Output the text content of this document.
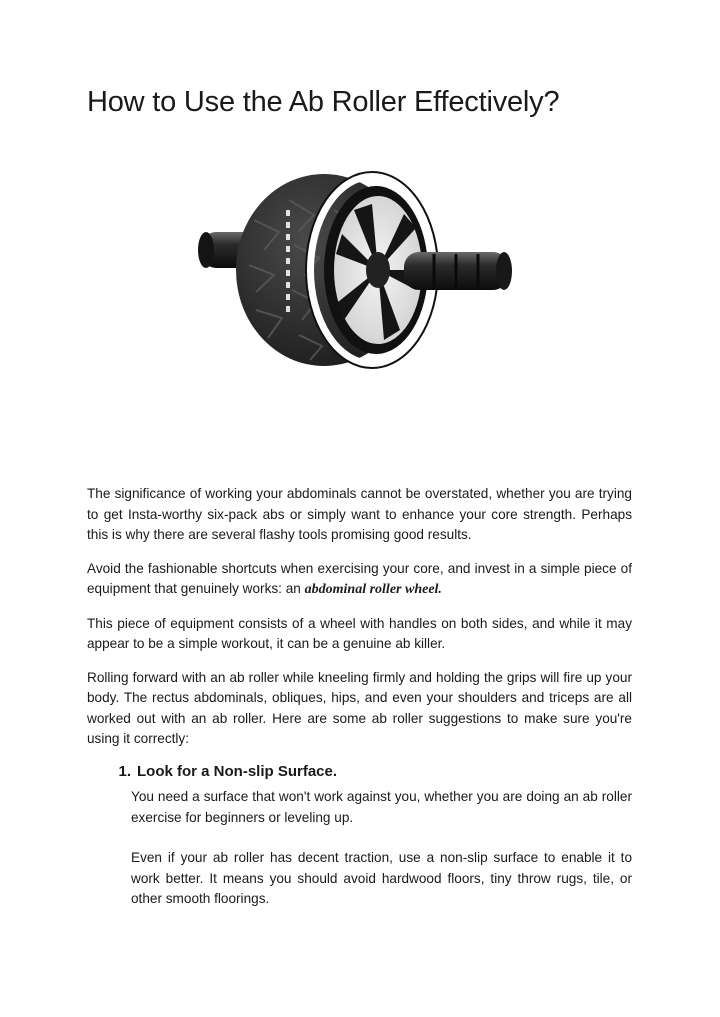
How to Use the Ab Roller Effectively?

The significance of working your abdominals cannot be overstated, whether you are trying to get Insta-worthy six-pack abs or simply want to enhance your core strength. Perhaps this is why there are several flashy tools promising good results.

Avoid the fashionable shortcuts when exercising your core, and invest in a simple piece of equipment that genuinely works: an abdominal roller wheel.

This piece of equipment consists of a wheel with handles on both sides, and while it may appear to be a simple workout, it can be a genuine ab killer.

Rolling forward with an ab roller while kneeling firmly and holding the grips will fire up your body. The rectus abdominals, obliques, hips, and even your shoulders and triceps are all worked out with an ab roller. Here are some ab roller suggestions to make sure you're using it correctly:

1. Look for a Non-slip Surface.

You need a surface that won't work against you, whether you are doing an ab roller exercise for beginners or leveling up.

Even if your ab roller has decent traction, use a non-slip surface to enable it to work better. It means you should avoid hardwood floors, tiny throw rugs, tile, or other smooth floorings.
